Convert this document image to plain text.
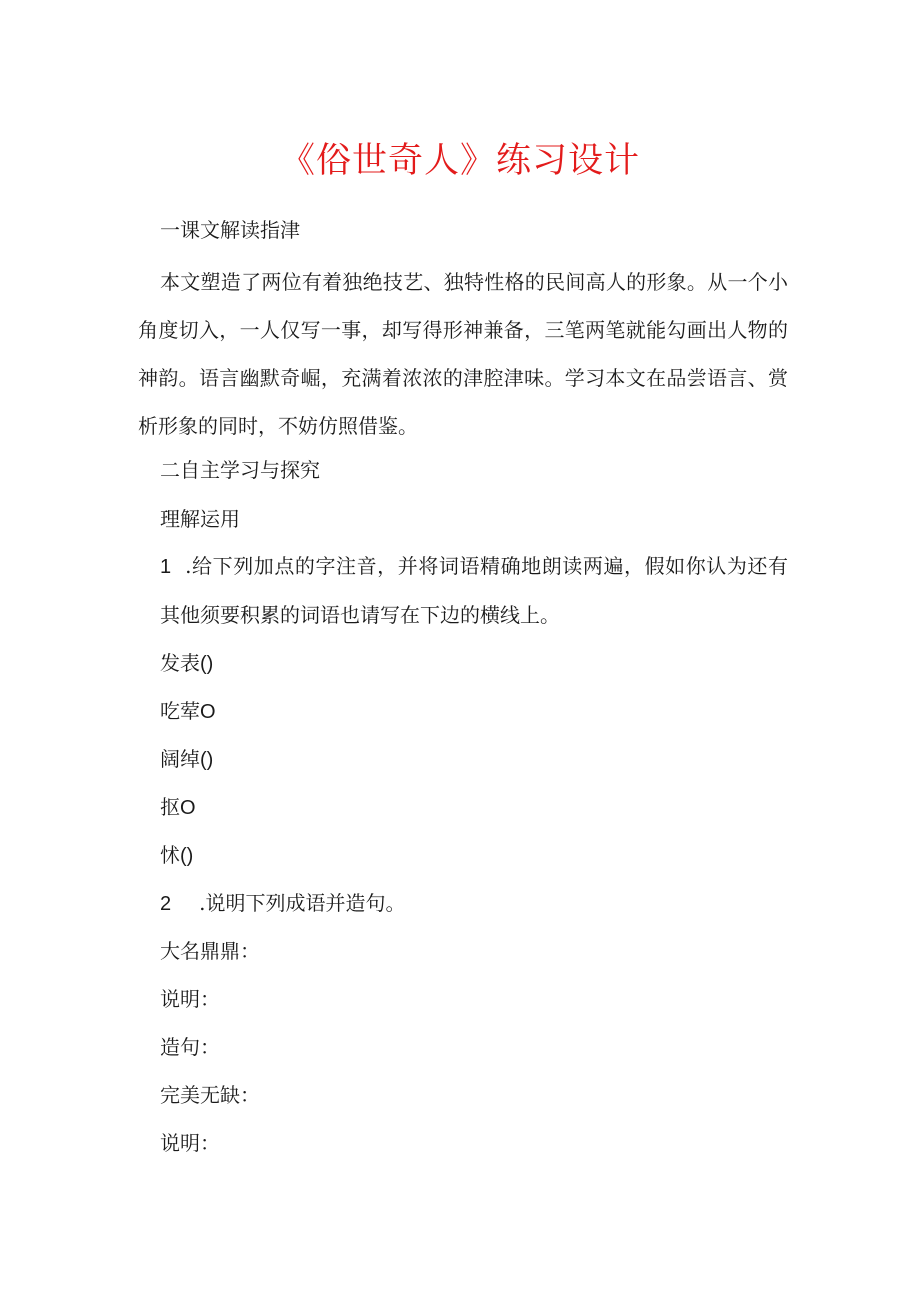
《俗世奇人》练习设计
一课文解读指津
本文塑造了两位有着独绝技艺、独特性格的民间高人的形象。从一个小角度切入，一人仅写一事，却写得形神兼备，三笔两笔就能勾画出人物的神韵。语言幽默奇崛，充满着浓浓的津腔津味。学习本文在品尝语言、赏析形象的同时，不妨仿照借鉴。
二自主学习与探究
理解运用
1 .给下列加点的字注音，并将词语精确地朗读两遍，假如你认为还有其他须要积累的词语也请写在下边的横线上。
发表()
吃荤O
阔绰()
抠O
怵()
2 .说明下列成语并造句。
大名鼎鼎：
说明：
造句：
完美无缺：
说明：
